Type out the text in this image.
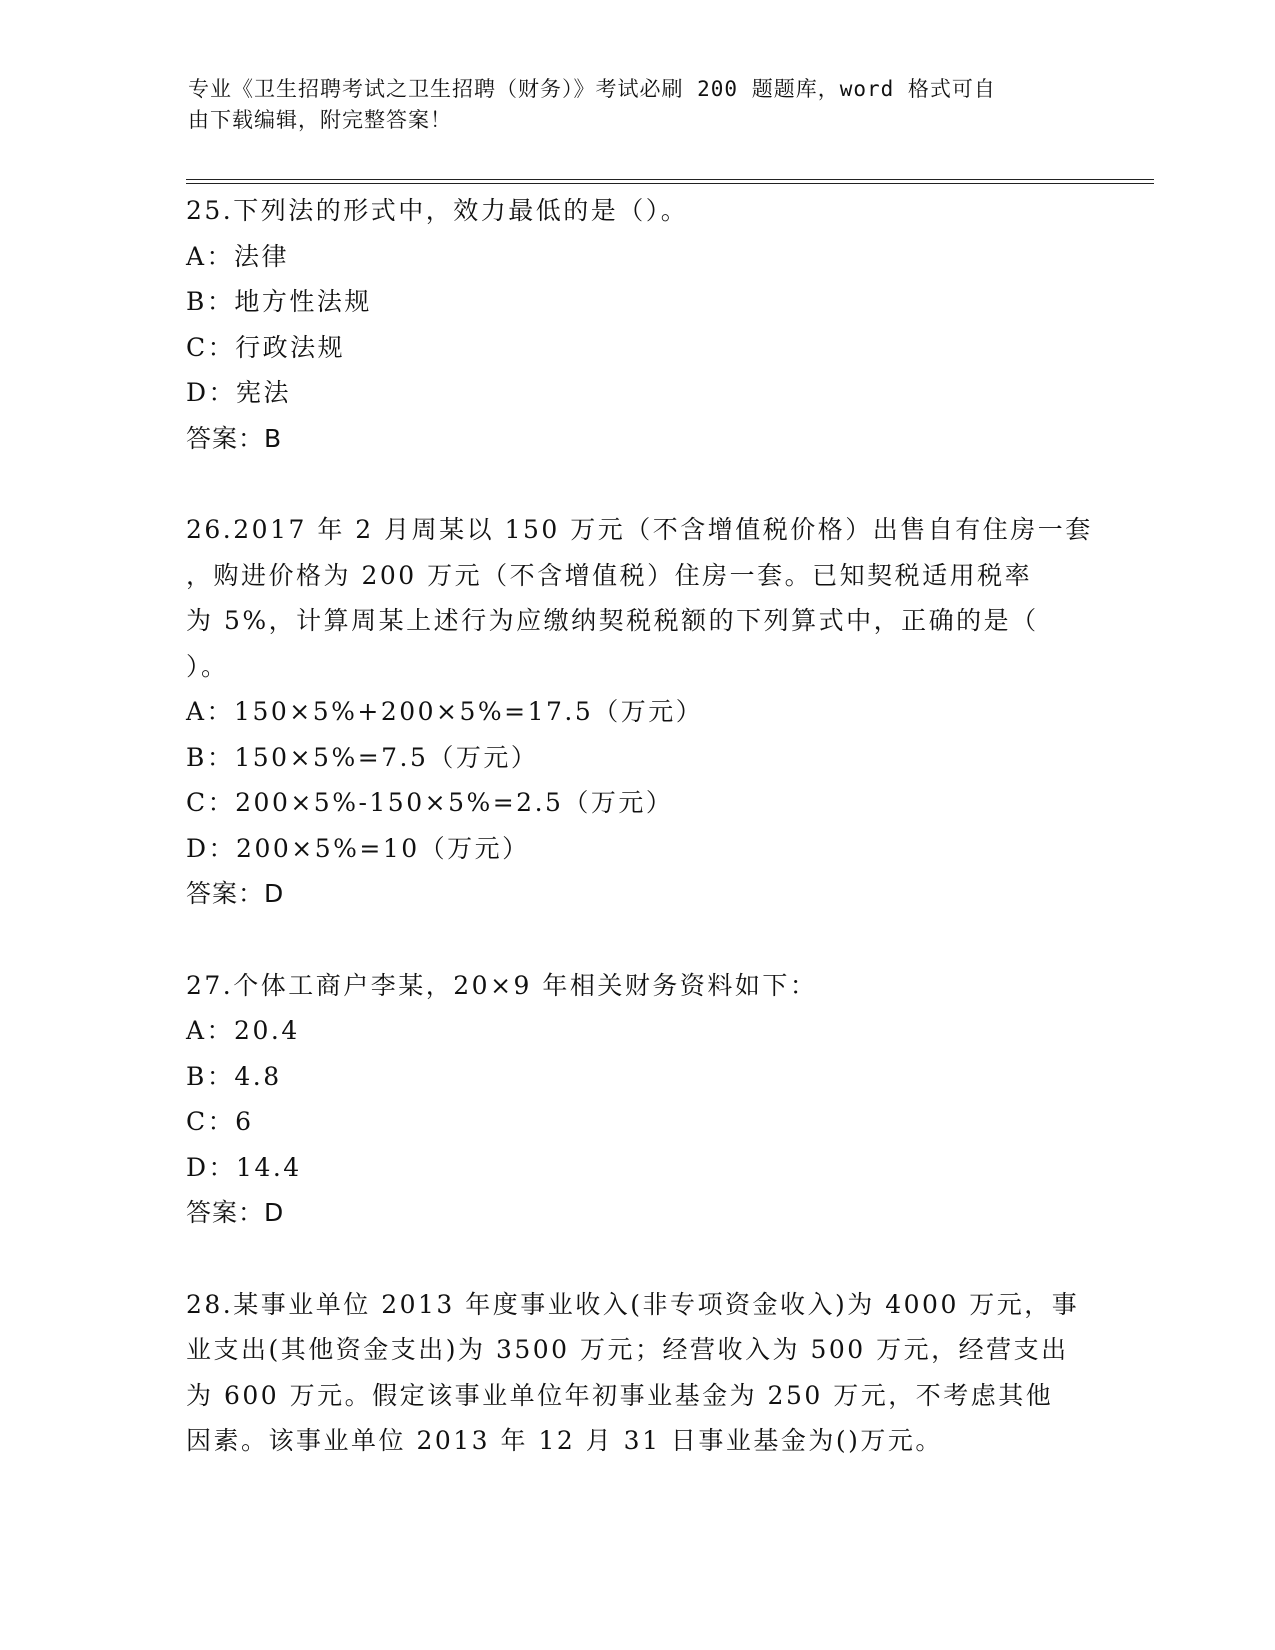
专业《卫生招聘考试之卫生招聘（财务）》考试必刷 200 题题库，word 格式可自
由下载编辑，附完整答案！
25.下列法的形式中，效力最低的是（）。
A：法律
B：地方性法规
C：行政法规
D：宪法
答案：B
26.2017 年 2 月周某以 150 万元（不含增值税价格）出售自有住房一套
，购进价格为 200 万元（不含增值税）住房一套。已知契税适用税率
为 5%，计算周某上述行为应缴纳契税税额的下列算式中，正确的是（
）。
A：150×5%+200×5%=17.5（万元）
B：150×5%=7.5（万元）
C：200×5%-150×5%=2.5（万元）
D：200×5%=10（万元）
答案：D
27.个体工商户李某，20×9 年相关财务资料如下：
A：20.4
B：4.8
C：6
D：14.4
答案：D
28.某事业单位 2013 年度事业收入(非专项资金收入)为 4000 万元，事
业支出(其他资金支出)为 3500 万元；经营收入为 500 万元，经营支出
为 600 万元。假定该事业单位年初事业基金为 250 万元，不考虑其他
因素。该事业单位 2013 年 12 月 31 日事业基金为()万元。
